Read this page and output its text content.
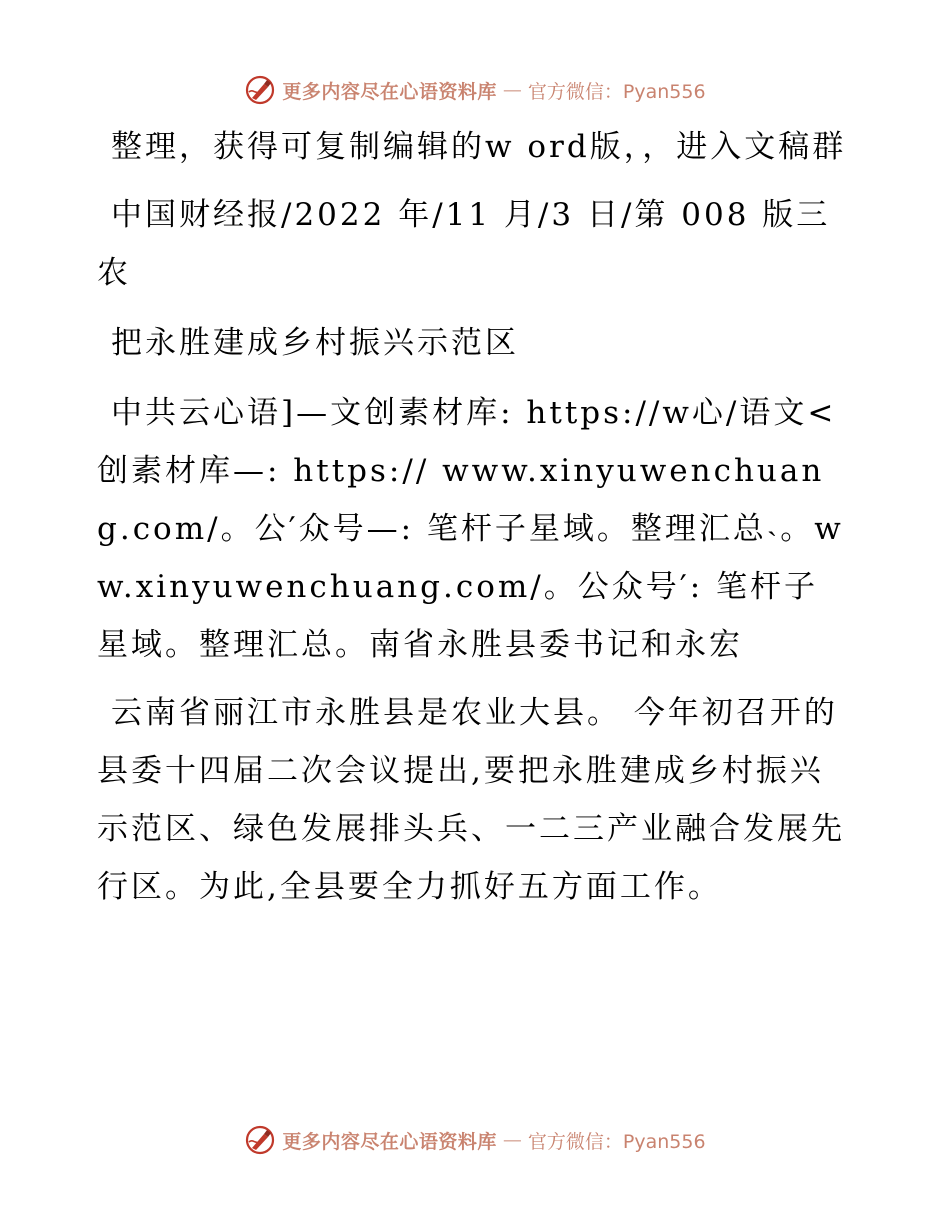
更多内容尽在心语资料库 — 官方微信：Pyan556

整理，获得可复制编辑的w ord版，，进入文稿群

中国财经报/2022 年/11 月/3 日/第 008 版三农

把永胜建成乡村振兴示范区

中共云心语]—文创素材库: https://w心/语文<创素材库—: https:// www.xinyuwenchuang.com/。公′众号—: 笔杆子星域。整理汇总˴。ww.xinyuwenchuang.com/。公众号′: 笔杆子星域。整理汇总。南省永胜县委书记和永宏

云南省丽江市永胜县是农业大县。 今年初召开的县委十四届二次会议提出,要把永胜建成乡村振兴示范区、绿色发展排头兵、一二三产业融合发展先行区。为此,全县要全力抓好五方面工作。

更多内容尽在心语资料库 — 官方微信：Pyan556
